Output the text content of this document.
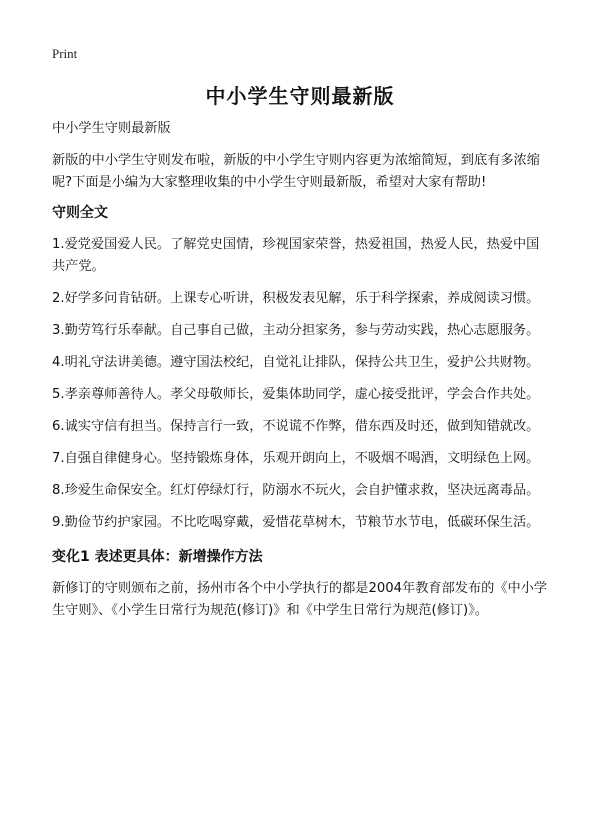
Print
中小学生守则最新版

中小学生守则最新版

新版的中小学生守则发布啦，新版的中小学生守则内容更为浓缩简短，到底有多浓缩呢?下面是小编为大家整理收集的中小学生守则最新版，希望对大家有帮助!

守则全文

1.爱党爱国爱人民。了解党史国情，珍视国家荣誉，热爱祖国，热爱人民，热爱中国共产党。

2.好学多问肯钻研。上课专心听讲，积极发表见解，乐于科学探索，养成阅读习惯。

3.勤劳笃行乐奉献。自己事自己做，主动分担家务，参与劳动实践，热心志愿服务。

4.明礼守法讲美德。遵守国法校纪，自觉礼让排队，保持公共卫生，爱护公共财物。

5.孝亲尊师善待人。孝父母敬师长，爱集体助同学，虚心接受批评，学会合作共处。

6.诚实守信有担当。保持言行一致，不说谎不作弊，借东西及时还，做到知错就改。

7.自强自律健身心。坚持锻炼身体，乐观开朗向上，不吸烟不喝酒，文明绿色上网。

8.珍爱生命保安全。红灯停绿灯行，防溺水不玩火，会自护懂求救，坚决远离毒品。

9.勤俭节约护家园。不比吃喝穿戴，爱惜花草树木，节粮节水节电，低碳环保生活。

变化1 表述更具体：新增操作方法

新修订的守则颁布之前，扬州市各个中小学执行的都是2004年教育部发布的《中小学生守则》、《小学生日常行为规范(修订)》和《中学生日常行为规范(修订)》。
